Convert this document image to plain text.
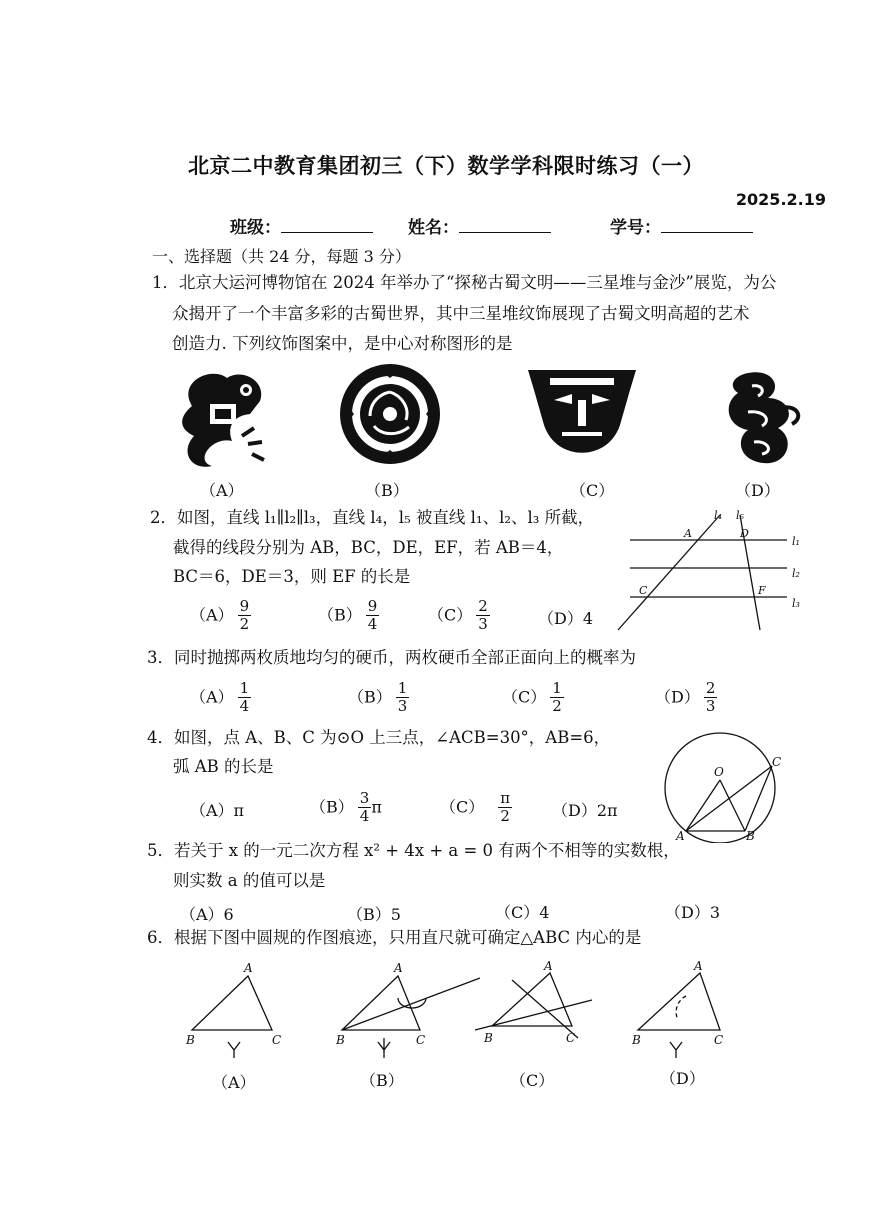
北京二中教育集团初三（下）数学学科限时练习（一）
2025.2.19
班级：	姓名：	学号：
一、选择题（共 24 分，每题 3 分）
1．北京大运河博物馆在 2024 年举办了“探秘古蜀文明——三星堆与金沙”展览，为公
众揭开了一个丰富多彩的古蜀世界，其中三星堆纹饰展现了古蜀文明高超的艺术
创造力. 下列纹饰图案中，是中心对称图形的是
（A）	（B）	（C）	（D）
2．如图，直线 l₁∥l₂∥l₃，直线 l₄，l₅ 被直线 l₁、l₂、l₃ 所截，
截得的线段分别为 AB，BC，DE，EF，若 AB＝4，
BC＝6，DE＝3，则 EF 的长是
$(A) \frac{9}{2}$	$(B) \frac{9}{4}$	$(C) \frac{2}{3}$	（D）4
l₄ l₅
l₁
l₂
l₃
A	D
C	F
3．同时抛掷两枚质地均匀的硬币，两枚硬币全部正面向上的概率为
$(A) \frac{1}{4}$	$(B) \frac{1}{3}$	$(C) \frac{1}{2}$	$(D) \frac{2}{3}$
4．如图，点 A、B、C 为⊙O 上三点，∠ACB=30°，AB=6，
弧 AB 的长是
（A）π	$(B) \frac{3}{4}$ π	$(C) \frac{\pi}{2} (D)2\pi$
O
A	B
C
5．若关于 x 的一元二次方程 x² + 4x + a = 0 有两个不相等的实数根，
则实数 a 的值可以是
（A）6	（B）5	（C）4	（D）3
6．根据下图中圆规的作图痕迹，只用直尺就可确定△ABC 内心的是
A
B	C
A
B	C
A
B	C
A
B	C
（A）	（B）	（C）	（D）
